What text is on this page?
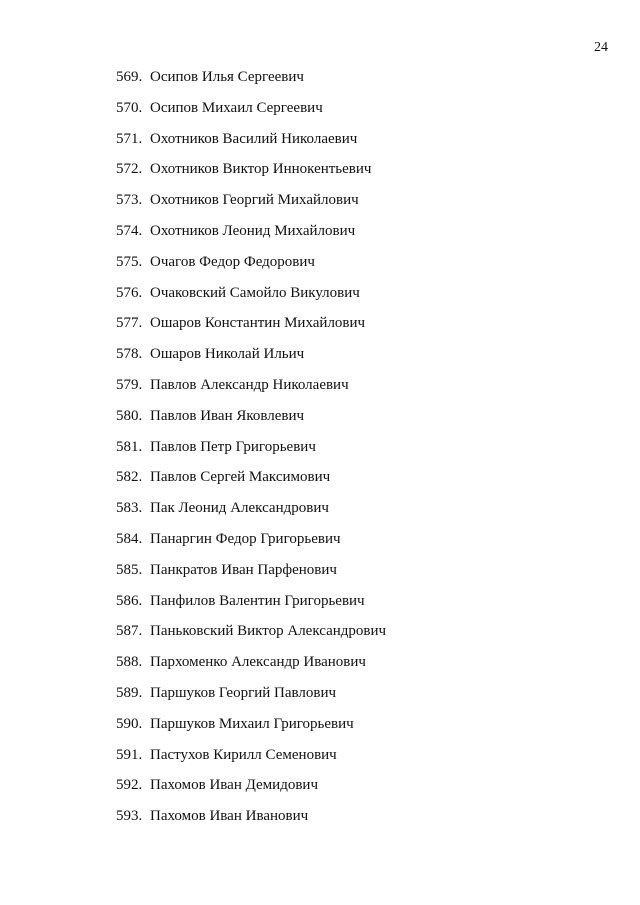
24
569. Осипов Илья Сергеевич
570. Осипов Михаил Сергеевич
571. Охотников Василий Николаевич
572. Охотников Виктор Иннокентьевич
573. Охотников Георгий Михайлович
574. Охотников Леонид Михайлович
575. Очагов Федор Федорович
576. Очаковский Самойло Викулович
577. Ошаров Константин Михайлович
578. Ошаров Николай Ильич
579. Павлов Александр Николаевич
580. Павлов Иван Яковлевич
581. Павлов Петр Григорьевич
582. Павлов Сергей Максимович
583. Пак Леонид Александрович
584. Панаргин Федор Григорьевич
585. Панкратов Иван Парфенович
586. Панфилов Валентин Григорьевич
587. Паньковский Виктор Александрович
588. Пархоменко Александр Иванович
589. Паршуков Георгий Павлович
590. Паршуков Михаил Григорьевич
591. Пастухов Кирилл Семенович
592. Пахомов Иван Демидович
593. Пахомов Иван Иванович
